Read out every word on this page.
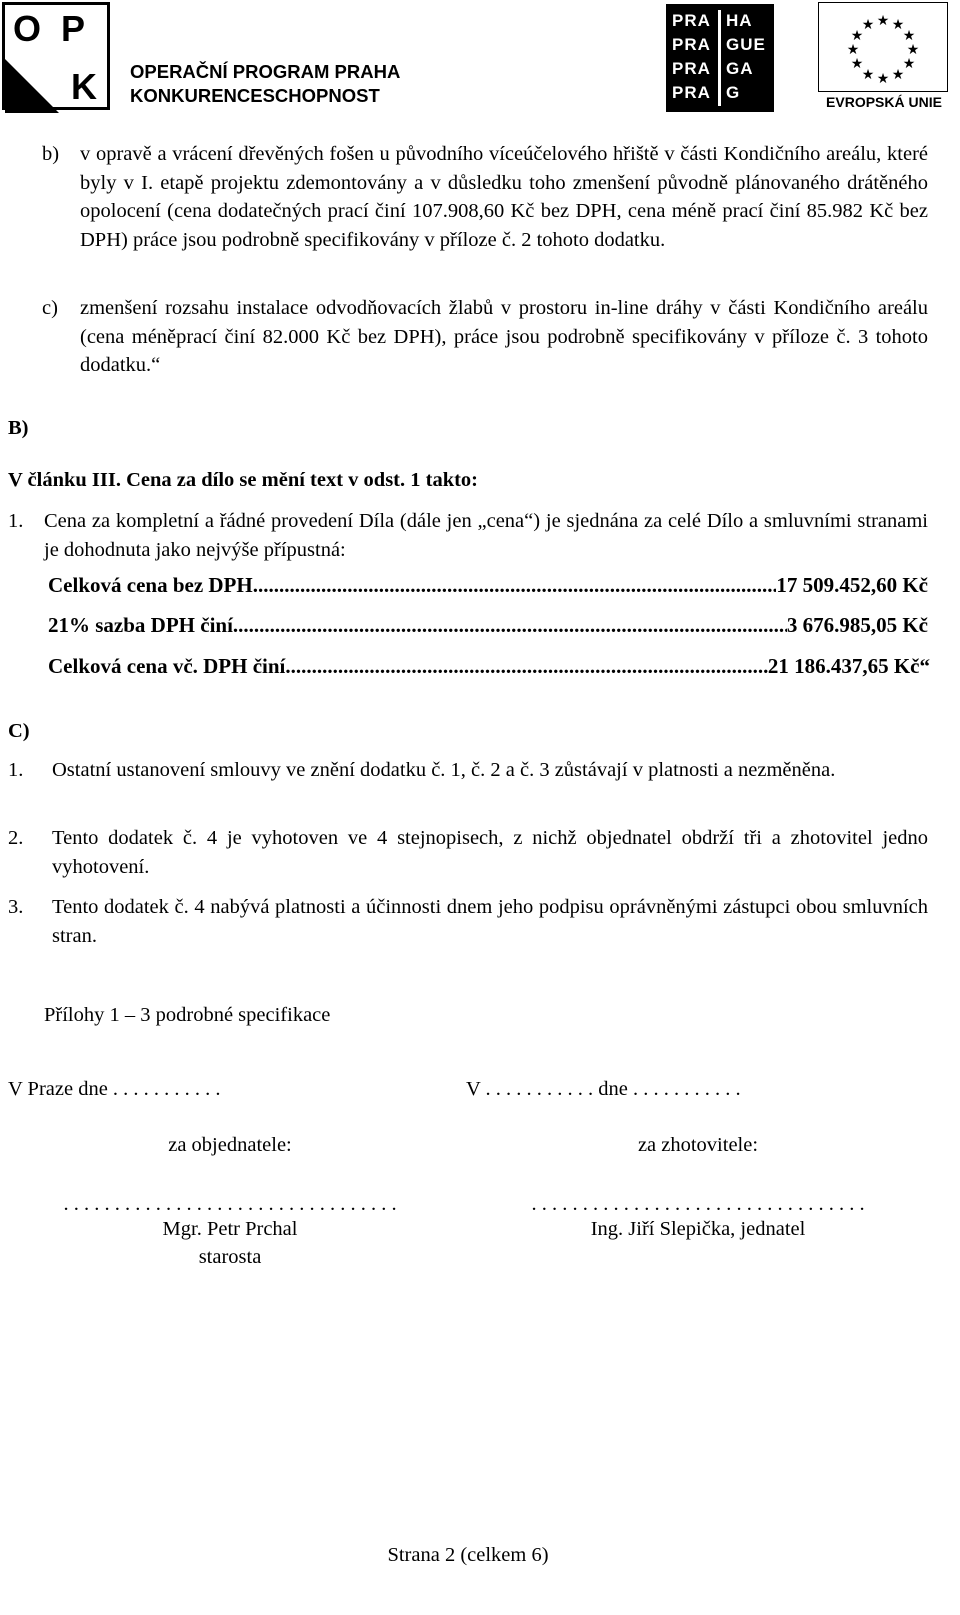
O P
K OPERAČNÍ PROGRAM PRAHA
KONKURENCESCHOPNOST
PRA HA
PRA GUE
PRA GA
PRA G
★ ★
★
★
★
★
★
★
★
★
★
★
EVROPSKÁ UNIE
b) v opravě a vrácení dřevěných fošen u původního víceúčelového hřiště v části Kondičního areálu, které byly v I. etapě projektu zdemontovány a v důsledku toho zmenšení původně plánovaného drátěného opolocení (cena dodatečných prací činí 107.908,60 Kč bez DPH, cena méně prací činí 85.982 Kč bez DPH) práce jsou podrobně specifikovány v příloze č. 2 tohoto dodatku.
c) zmenšení rozsahu instalace odvodňovacích žlabů v prostoru in-line dráhy v části Kondičního areálu (cena méněprací činí 82.000 Kč bez DPH), práce jsou podrobně specifikovány v příloze č. 3 tohoto dodatku.“
B)
V článku III. Cena za dílo se mění text v odst. 1 takto:
1. Cena za kompletní a řádné provedení Díla (dále jen „cena“) je sjednána za celé Dílo a smluvními stranami je dohodnuta jako nejvýše přípustná:
Celková cena bez DPH .....	17 509.452,60 Kč
21% sazba DPH činí .....	3 676.985,05 Kč
Celková cena vč. DPH činí .....	21 186.437,65 Kč“
C)
1. Ostatní ustanovení smlouvy ve znění dodatku č. 1, č. 2 a č. 3 zůstávají v platnosti a nezměněna.
2. Tento dodatek č. 4 je vyhotoven ve 4 stejnopisech, z nichž objednatel obdrží tři a zhotovitel jedno vyhotovení.
3. Tento dodatek č. 4 nabývá platnosti a účinnosti dnem jeho podpisu oprávněnými zástupci obou smluvních stran.
Přílohy 1 – 3 podrobné specifikace
V Praze dne . . . . . . . . . . .	V . . . . . . . . . . . dne . . . . . . . . . . .
za objednatele:	za zhotovitele:
. . . . . . . . . . . . . . . . . . . . . . . . . . . . . . . . .	. . . . . . . . . . . . . . . . . . . . . . . . . . . . . . . . .
Mgr. Petr Prchal
starosta
Ing. Jiří Slepička, jednatel
Strana 2 (celkem 6)
